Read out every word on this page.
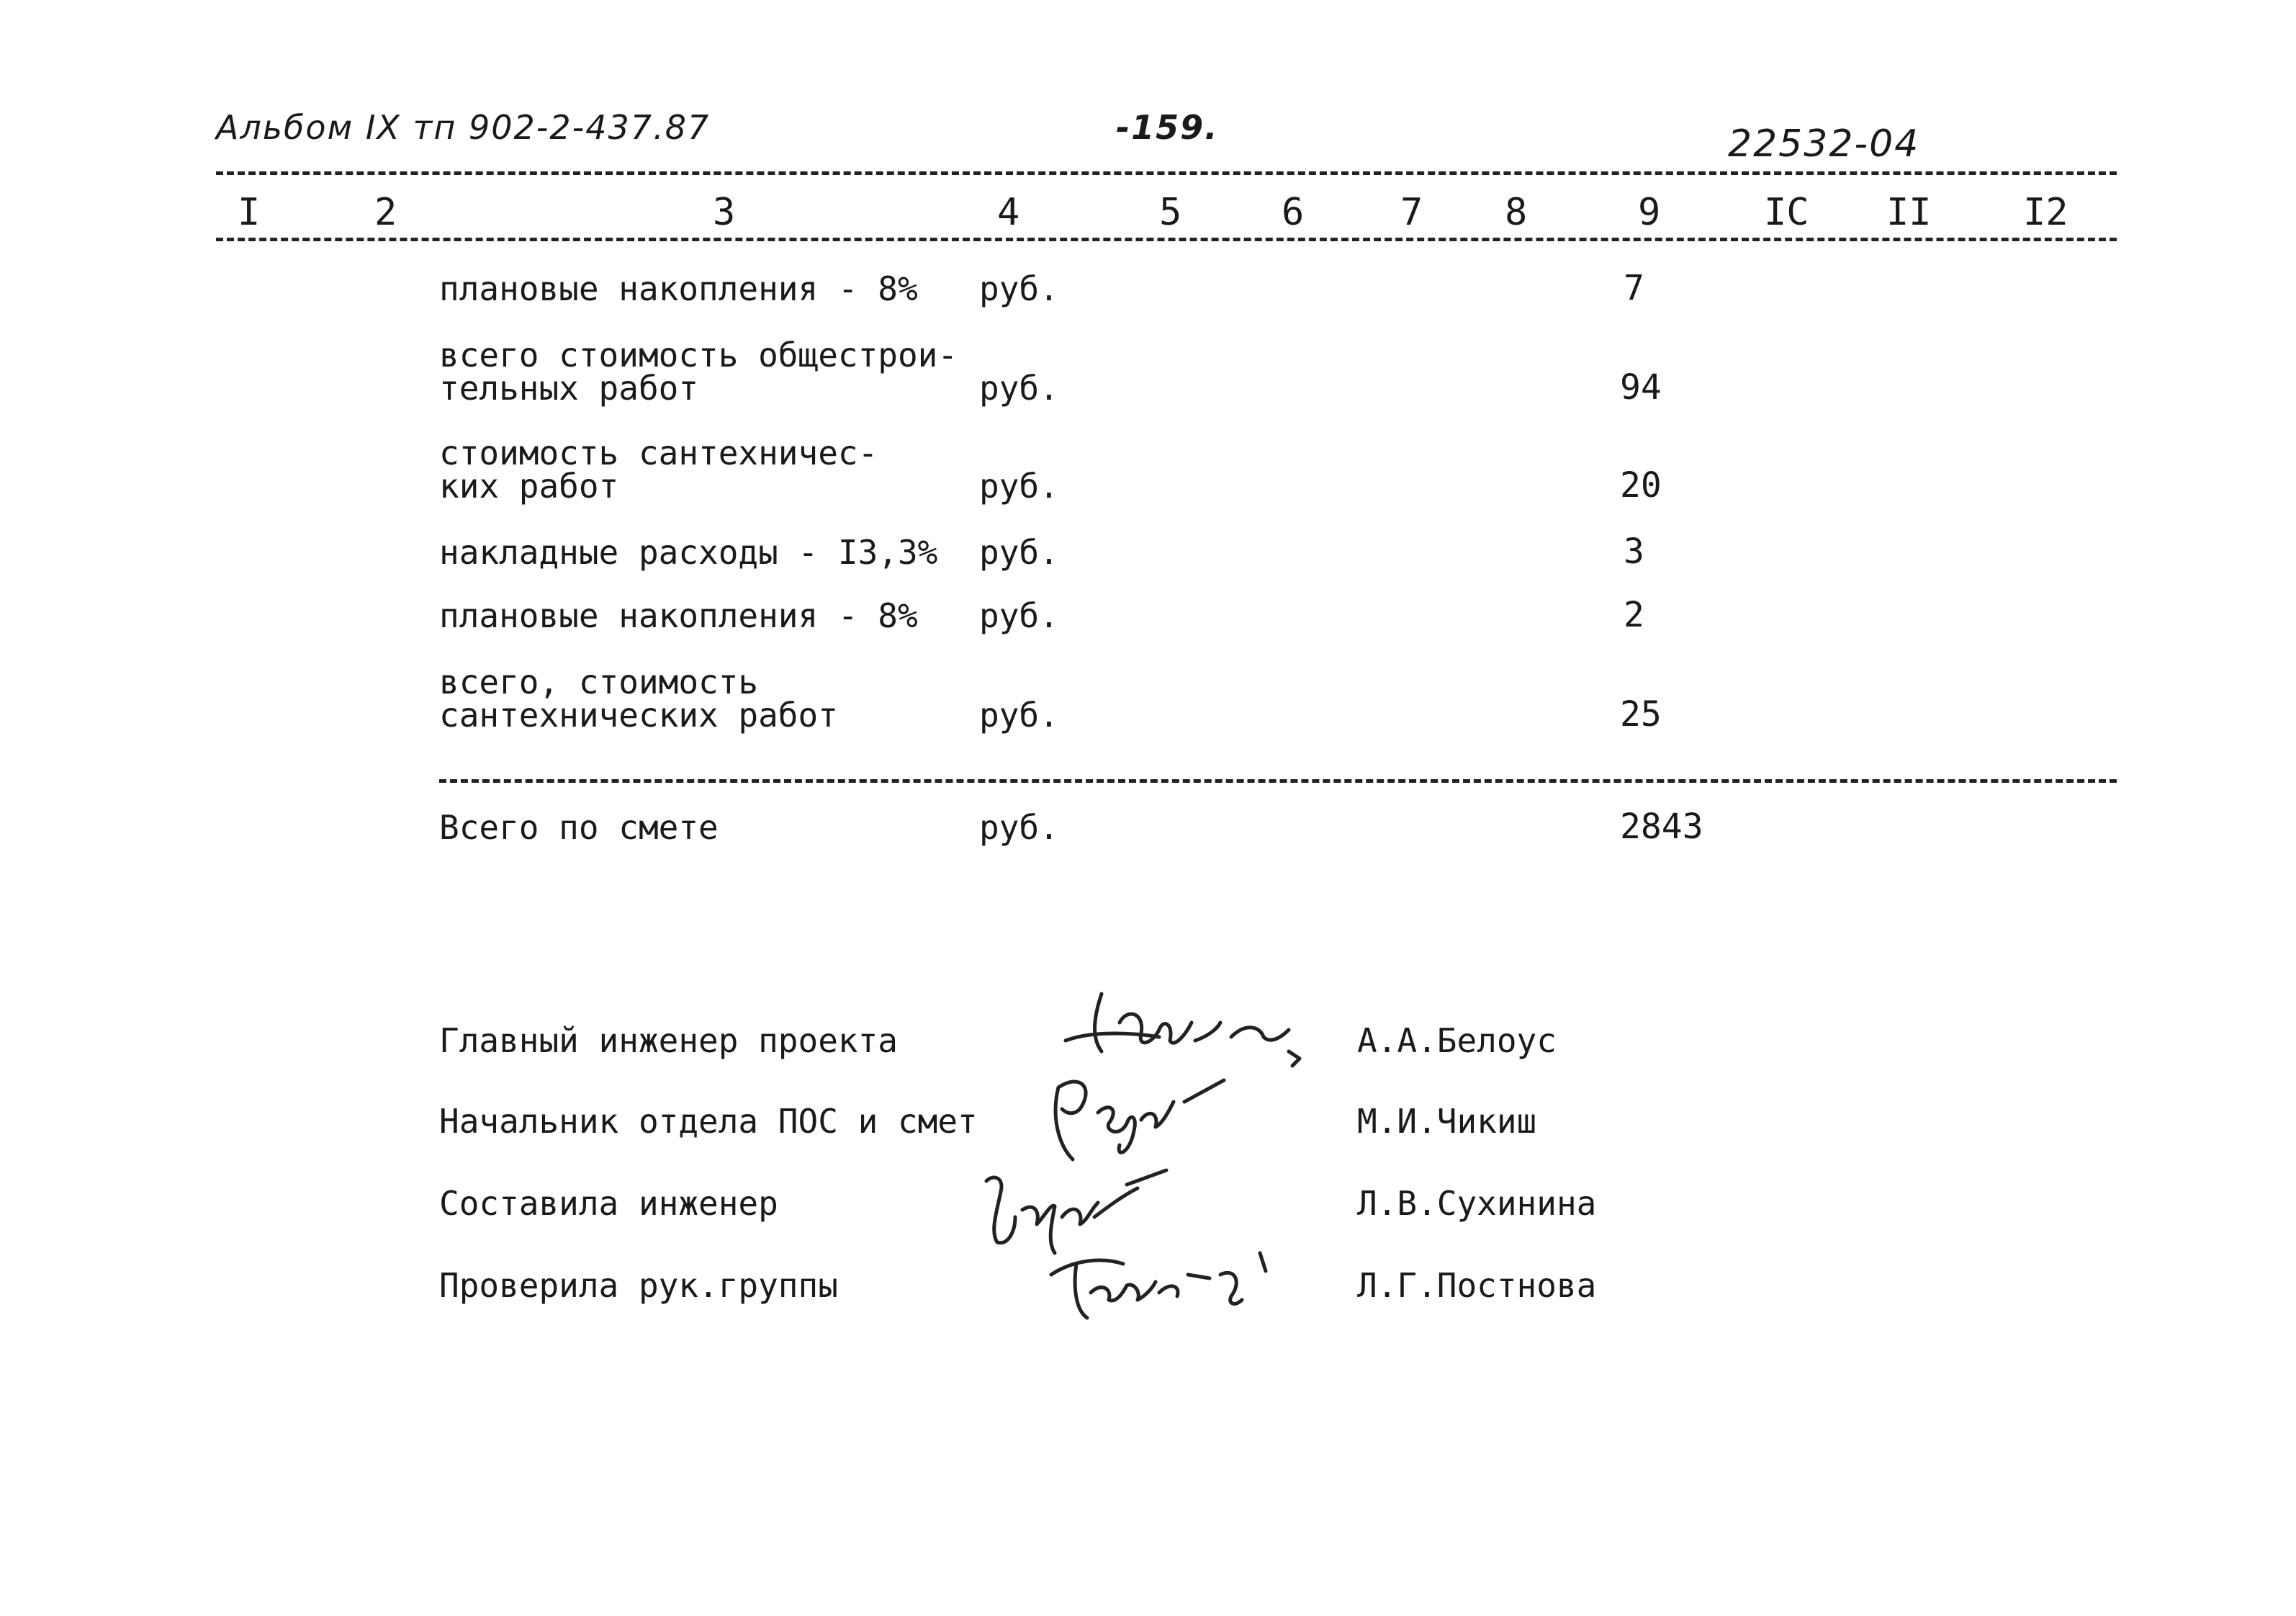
Альбом IX тп 902-2-437.87	-159.	22532-04
I	2	3	4	5	6	7 8	9	IC II I2
плановые накопления - 8% руб.	7
всего стоимость общестрои-
тельных работ	руб.	94
стоимость сантехничес-
ких работ	руб.	20
накладные расходы - I3,3% руб.	3
плановые накопления - 8% руб.	2
всего, стоимость
сантехнических работ	руб.	25
Всего по смете	руб.	2843
Главный инженер проекта	А.А.Белоус
Начальник отдела ПОС и смет	М.И.Чикиш
Составила инженер	Л.В.Сухинина
Проверила рук.группы	Л.Г.Постнова
